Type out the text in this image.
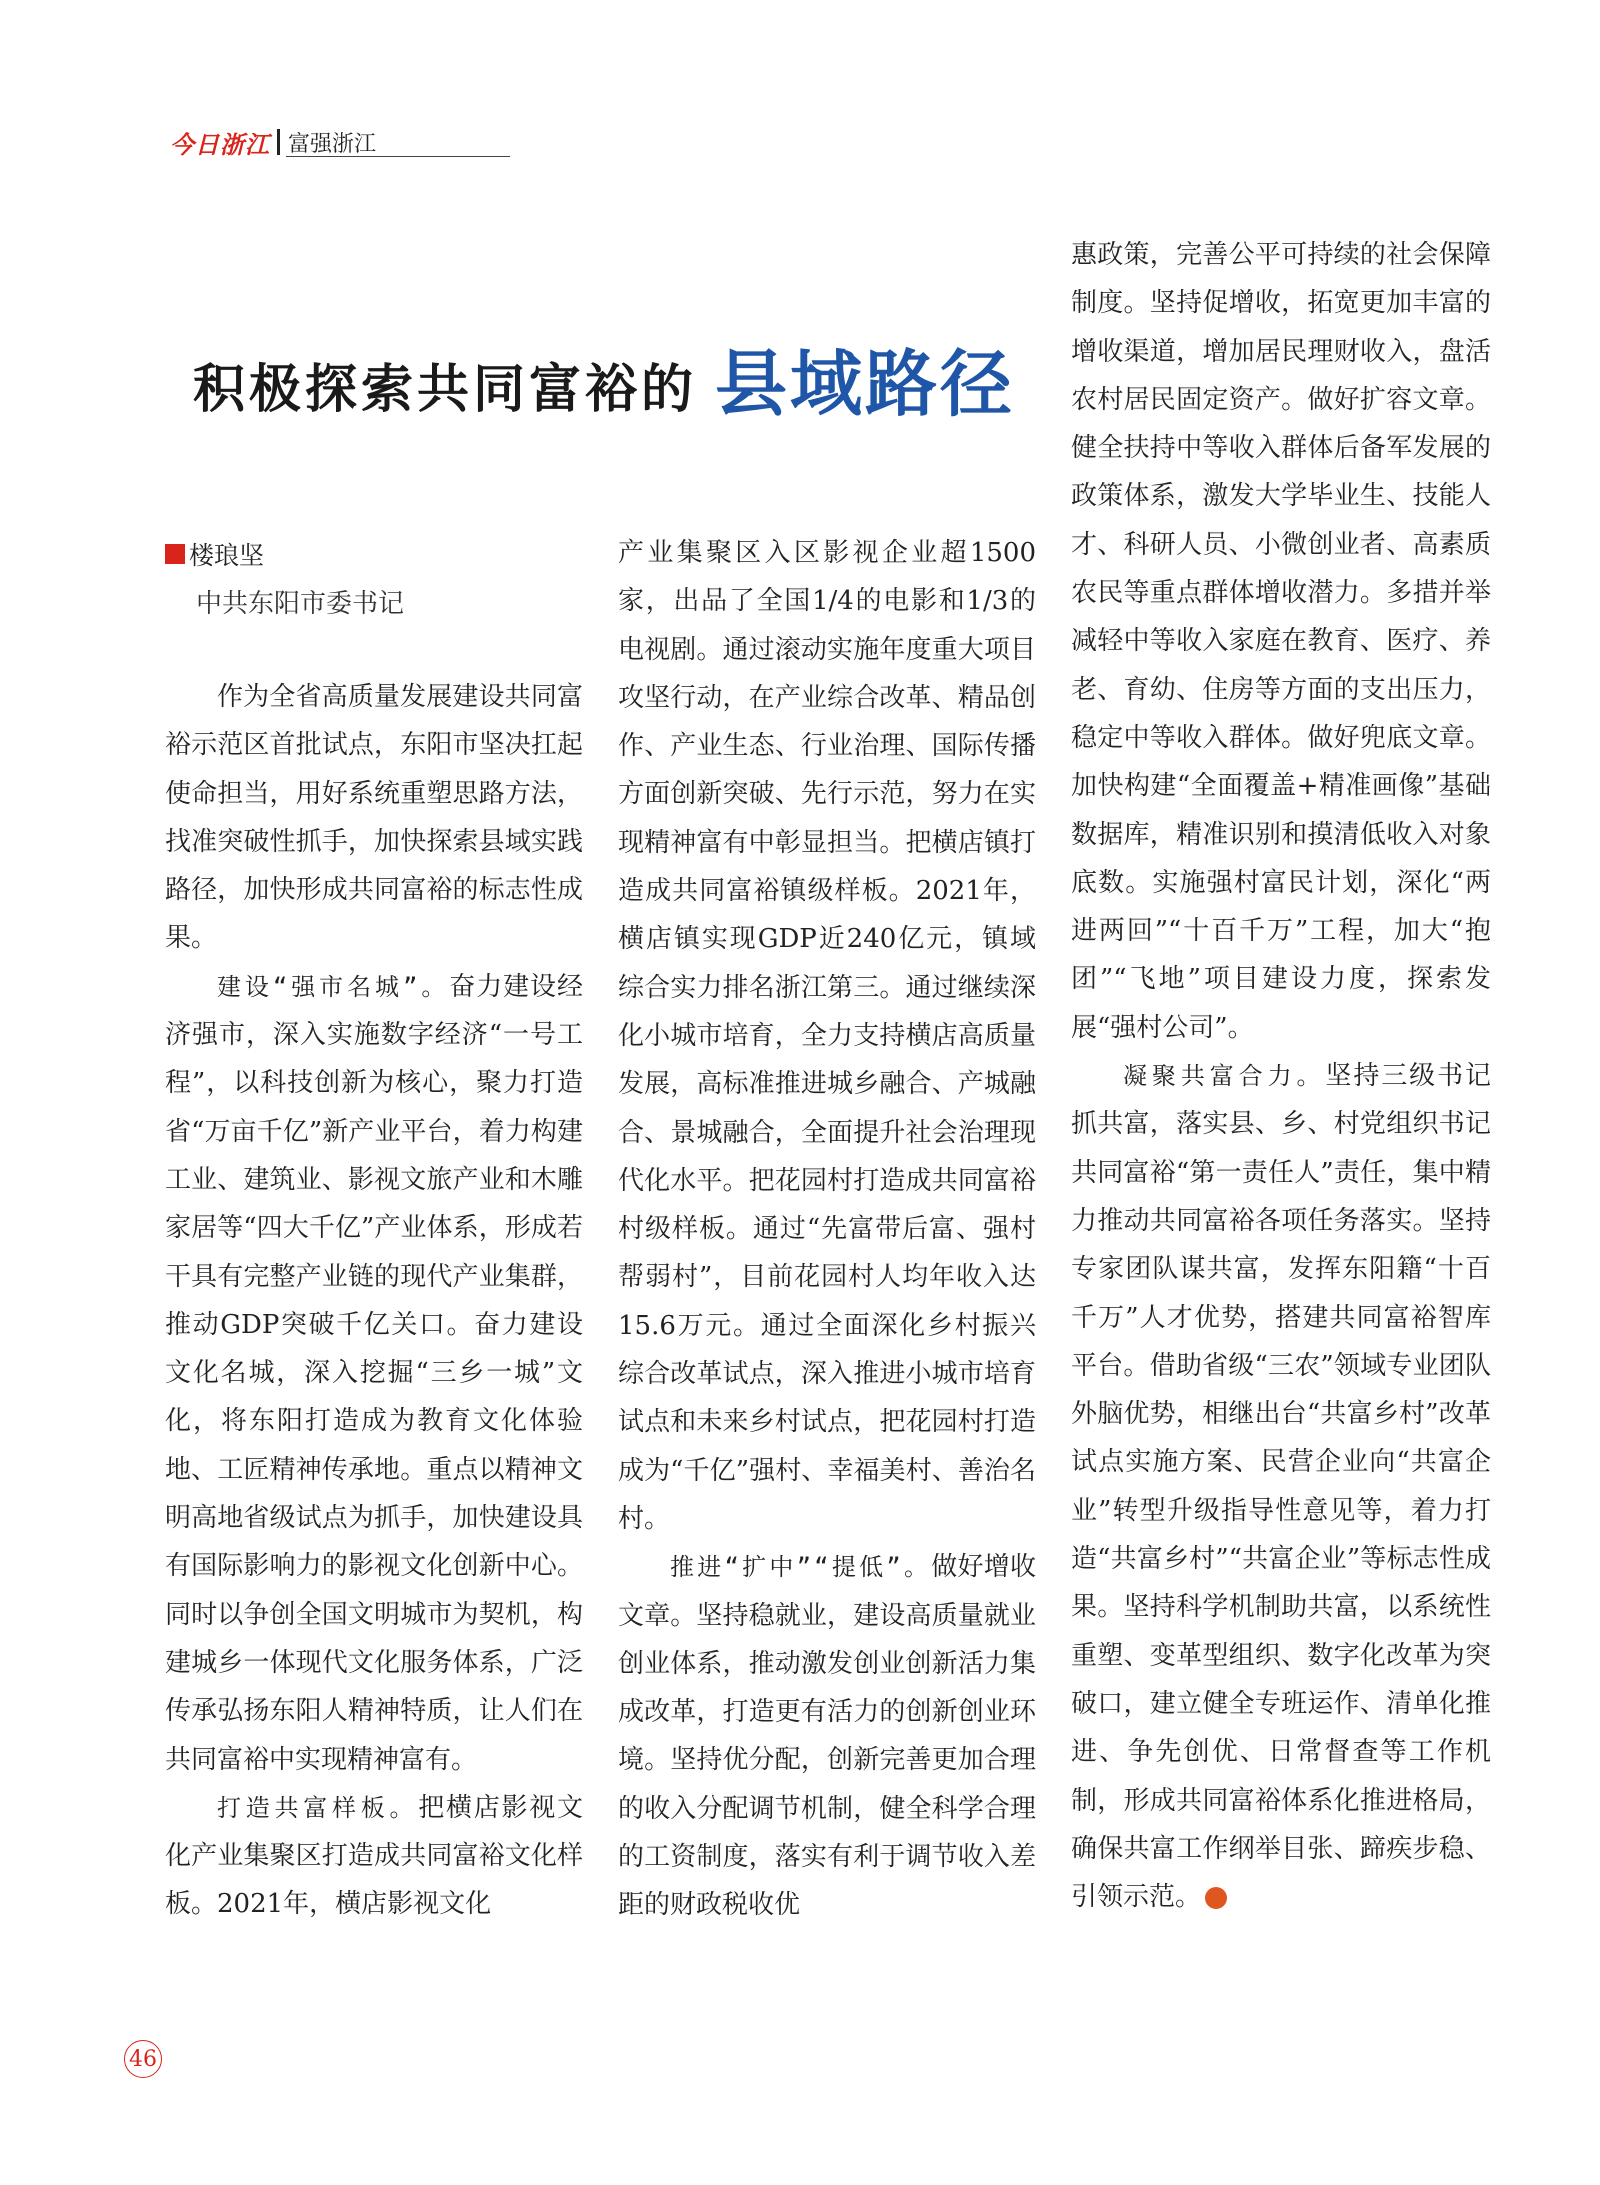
今日浙江 富强浙江
积极探索共同富裕的 县域路径
楼琅坚
中共东阳市委书记

作为全省高质量发展建设共同富裕示范区首批试点，东阳市坚决扛起使命担当，用好系统重塑思路方法，找准突破性抓手，加快探索县域实践路径，加快形成共同富裕的标志性成果。

建设“强市名城”。奋力建设经济强市，深入实施数字经济“一号工程”，以科技创新为核心，聚力打造省“万亩千亿”新产业平台，着力构建工业、建筑业、影视文旅产业和木雕家居等“四大千亿”产业体系，形成若干具有完整产业链的现代产业集群，推动GDP突破千亿关口。奋力建设文化名城，深入挖掘“三乡一城”文化，将东阳打造成为教育文化体验地、工匠精神传承地。重点以精神文明高地省级试点为抓手，加快建设具有国际影响力的影视文化创新中心。同时以争创全国文明城市为契机，构建城乡一体现代文化服务体系，广泛传承弘扬东阳人精神特质，让人们在共同富裕中实现精神富有。

打造共富样板。把横店影视文化产业集聚区打造成共同富裕文化样板。2021年，横店影视文化

产业集聚区入区影视企业超1500家，出品了全国1/4的电影和1/3的电视剧。通过滚动实施年度重大项目攻坚行动，在产业综合改革、精品创作、产业生态、行业治理、国际传播方面创新突破、先行示范，努力在实现精神富有中彰显担当。把横店镇打造成共同富裕镇级样板。2021年，横店镇实现GDP近240亿元，镇域综合实力排名浙江第三。通过继续深化小城市培育，全力支持横店高质量发展，高标准推进城乡融合、产城融合、景城融合，全面提升社会治理现代化水平。把花园村打造成共同富裕村级样板。通过“先富带后富、强村帮弱村”，目前花园村人均年收入达15.6万元。通过全面深化乡村振兴综合改革试点，深入推进小城市培育试点和未来乡村试点，把花园村打造成为“千亿”强村、幸福美村、善治名村。

推进“扩中”“提低”。做好增收文章。坚持稳就业，建设高质量就业创业体系，推动激发创业创新活力集成改革，打造更有活力的创新创业环境。坚持优分配，创新完善更加合理的收入分配调节机制，健全科学合理的工资制度，落实有利于调节收入差距的财政税收优

惠政策，完善公平可持续的社会保障制度。坚持促增收，拓宽更加丰富的增收渠道，增加居民理财收入，盘活农村居民固定资产。做好扩容文章。健全扶持中等收入群体后备军发展的政策体系，激发大学毕业生、技能人才、科研人员、小微创业者、高素质农民等重点群体增收潜力。多措并举减轻中等收入家庭在教育、医疗、养老、育幼、住房等方面的支出压力，稳定中等收入群体。做好兜底文章。加快构建“全面覆盖+精准画像”基础数据库，精准识别和摸清低收入对象底数。实施强村富民计划，深化“两进两回”“十百千万”工程，加大“抱团”“飞地”项目建设力度，探索发展“强村公司”。

凝聚共富合力。坚持三级书记抓共富，落实县、乡、村党组织书记共同富裕“第一责任人”责任，集中精力推动共同富裕各项任务落实。坚持专家团队谋共富，发挥东阳籍“十百千万”人才优势，搭建共同富裕智库平台。借助省级“三农”领域专业团队外脑优势，相继出台“共富乡村”改革试点实施方案、民营企业向“共富企业”转型升级指导性意见等，着力打造“共富乡村”“共富企业”等标志性成果。坚持科学机制助共富，以系统性重塑、变革型组织、数字化改革为突破口，建立健全专班运作、清单化推进、争先创优、日常督查等工作机制，形成共同富裕体系化推进格局，确保共富工作纲举目张、蹄疾步稳、引领示范。

46
